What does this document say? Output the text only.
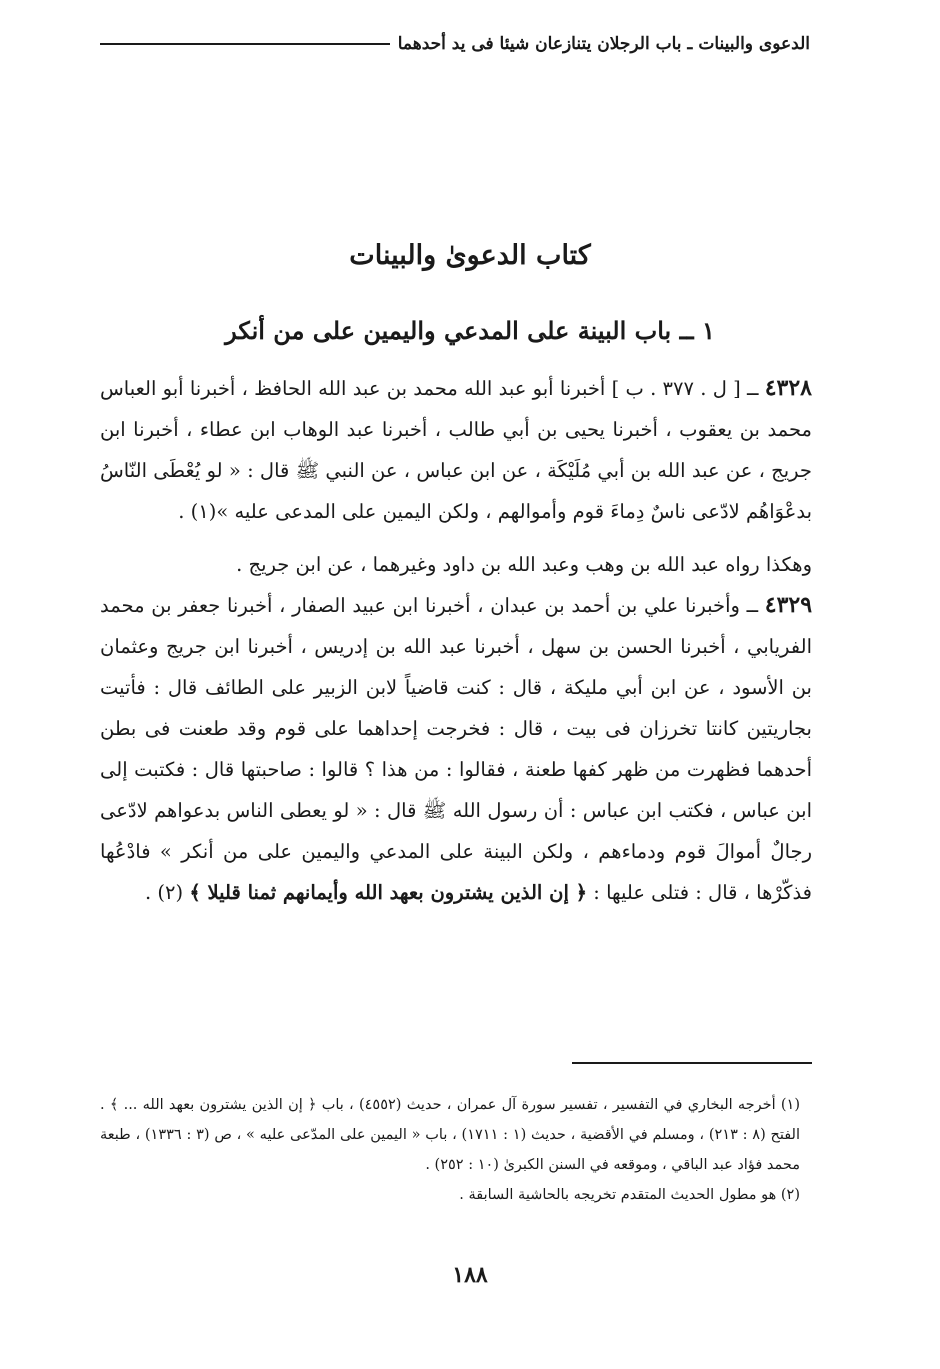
الدعوى والبينات ـ باب الرجلان يتنازعان شيئا فى يد أحدهما
كتاب الدعوىٰ والبينات
١ ــ باب البينة على المدعي واليمين على من أنكر

٤٣٢٨ ــ [ ل . ٣٧٧ . ب ] أخبرنا أبو عبد الله محمد بن عبد الله الحافظ ، أخبرنا أبو العباس محمد بن يعقوب ، أخبرنا يحيى بن أبي طالب ، أخبرنا عبد الوهاب ابن عطاء ، أخبرنا ابن جريج ، عن عبد الله بن أبي مُلَيْكَة ، عن ابن عباس ، عن النبي ﷺ قال : « لو يُعْطَى النّاسُ بدعْوَاهُم لادّعى ناسٌ دِماءَ قوم وأموالهم ، ولكن اليمين على المدعى عليه »(١) .

وهكذا رواه عبد الله بن وهب وعبد الله بن داود وغيرهما ، عن ابن جريج .

٤٣٢٩ ــ وأخبرنا علي بن أحمد بن عبدان ، أخبرنا ابن عبيد الصفار ، أخبرنا جعفر بن محمد الفريابي ، أخبرنا الحسن بن سهل ، أخبرنا عبد الله بن إدريس ، أخبرنا ابن جريج وعثمان بن الأسود ، عن ابن أبي مليكة ، قال : كنت قاضياً لابن الزبير على الطائف قال : فأتيت بجاريتين كانتا تخرزان فى بيت ، قال : فخرجت إحداهما على قوم وقد طعنت فى بطن أحدهما فظهرت من ظهر كفها طعنة ، فقالوا : من هذا ؟ قالوا : صاحبتها قال : فكتبت إلى ابن عباس ، فكتب ابن عباس : أن رسول الله ﷺ قال : « لو يعطى الناس بدعواهم لادّعى رجالٌ أموالَ قوم ودماءهم ، ولكن البينة على المدعي واليمين على من أنكر » فادْعُها فذكّرْها ، قال : فتلى عليها : ﴿ إن الذين يشترون بعهد الله وأيمانهم ثمنا قليلا ﴾ (٢) .

(١) أخرجه البخاري في التفسير ، تفسير سورة آل عمران ، حديث (٤٥٥٢) ، باب ﴿ إن الذين يشترون بعهد الله ... ﴾ . الفتح (٨ : ٢١٣) ، ومسلم في الأقضية ، حديث (١ : ١٧١١) ، باب « اليمين على المدّعى عليه » ، ص (٣ : ١٣٣٦) ، طبعة محمد فؤاد عبد الباقي ، وموقعه في السنن الكبرىٰ (١٠ : ٢٥٢) .

(٢) هو مطول الحديث المتقدم تخريجه بالحاشية السابقة .

١٨٨
